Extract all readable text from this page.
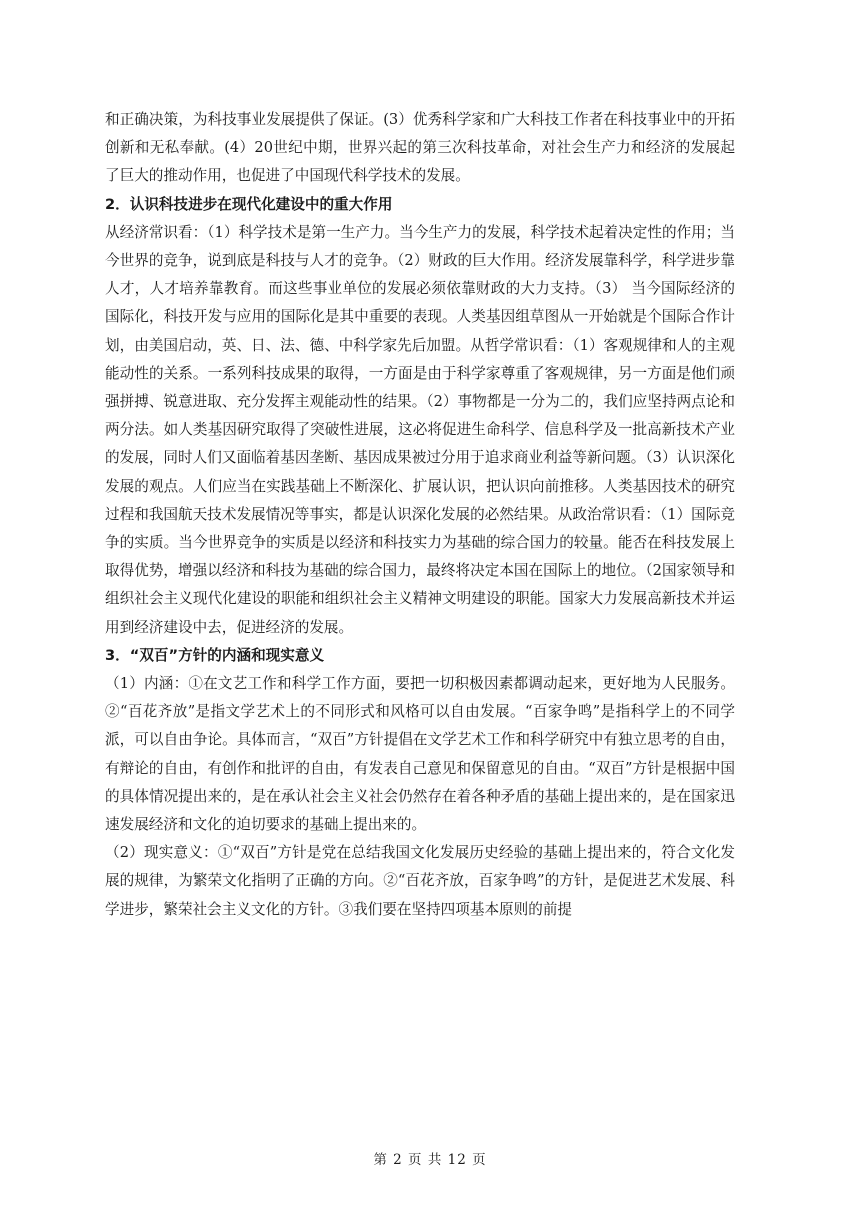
和正确决策，为科技事业发展提供了保证。(3）优秀科学家和广大科技工作者在科技事业中的开拓创新和无私奉献。(4）20世纪中期，世界兴起的第三次科技革命，对社会生产力和经济的发展起了巨大的推动作用，也促进了中国现代科学技术的发展。

2．认识科技进步在现代化建设中的重大作用

从经济常识看：（1）科学技术是第一生产力。当今生产力的发展，科学技术起着决定性的作用；当今世界的竞争，说到底是科技与人才的竞争。（2）财政的巨大作用。经济发展靠科学，科学进步靠人才，人才培养靠教育。而这些事业单位的发展必须依靠财政的大力支持。（3） 当今国际经济的国际化，科技开发与应用的国际化是其中重要的表现。人类基因组草图从一开始就是个国际合作计划，由美国启动，英、日、法、德、中科学家先后加盟。从哲学常识看：（1）客观规律和人的主观能动性的关系。一系列科技成果的取得，一方面是由于科学家尊重了客观规律，另一方面是他们顽强拼搏、锐意进取、充分发挥主观能动性的结果。（2）事物都是一分为二的，我们应坚持两点论和两分法。如人类基因研究取得了突破性进展，这必将促进生命科学、信息科学及一批高新技术产业的发展，同时人们又面临着基因垄断、基因成果被过分用于追求商业利益等新问题。（3）认识深化发展的观点。人们应当在实践基础上不断深化、扩展认识，把认识向前推移。人类基因技术的研究过程和我国航天技术发展情况等事实，都是认识深化发展的必然结果。从政治常识看：（1）国际竞争的实质。当今世界竞争的实质是以经济和科技实力为基础的综合国力的较量。能否在科技发展上取得优势，增强以经济和科技为基础的综合国力，最终将决定本国在国际上的地位。（2国家领导和组织社会主义现代化建设的职能和组织社会主义精神文明建设的职能。国家大力发展高新技术并运用到经济建设中去，促进经济的发展。

3．“双百”方针的内涵和现实意义

（1）内涵：①在文艺工作和科学工作方面，要把一切积极因素都调动起来，更好地为人民服务。②“百花齐放”是指文学艺术上的不同形式和风格可以自由发展。“百家争鸣”是指科学上的不同学派，可以自由争论。具体而言，“双百”方针提倡在文学艺术工作和科学研究中有独立思考的自由，有辩论的自由，有创作和批评的自由，有发表自己意见和保留意见的自由。“双百”方针是根据中国的具体情况提出来的，是在承认社会主义社会仍然存在着各种矛盾的基础上提出来的，是在国家迅速发展经济和文化的迫切要求的基础上提出来的。

（2）现实意义：①“双百”方针是党在总结我国文化发展历史经验的基础上提出来的，符合文化发展的规律，为繁荣文化指明了正确的方向。②“百花齐放，百家争鸣”的方针，是促进艺术发展、科学进步，繁荣社会主义文化的方针。③我们要在坚持四项基本原则的前提

第 2 页 共 12 页
